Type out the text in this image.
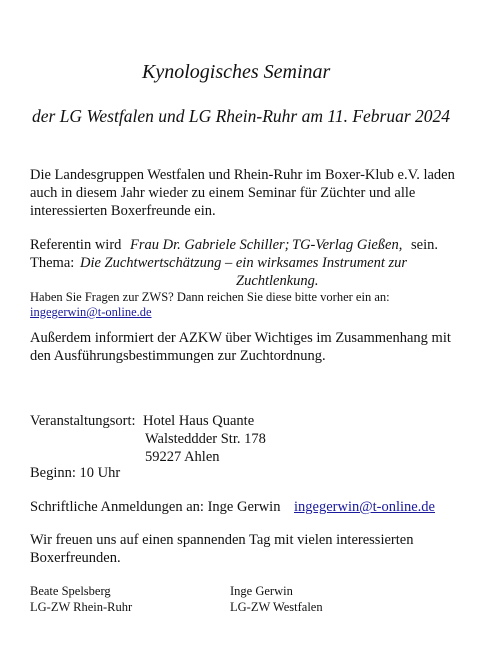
Kynologisches Seminar
der LG Westfalen und LG Rhein-Ruhr am 11. Februar 2024
Die Landesgruppen Westfalen und Rhein-Ruhr im Boxer-Klub e.V. laden
auch in diesem Jahr wieder zu einem Seminar für Züchter und alle
interessierten Boxerfreunde ein.
Referentin wird Frau Dr. Gabriele Schiller; TG-Verlag Gießen, sein.
Thema: Die Zuchtwertschätzung – ein wirksames Instrument zur
Zuchtlenkung.
Haben Sie Fragen zur ZWS? Dann reichen Sie diese bitte vorher ein an:
ingegerwin@t-online.de
Außerdem informiert der AZKW über Wichtiges im Zusammenhang mit
den Ausführungsbestimmungen zur Zuchtordnung.
Veranstaltungsort: Hotel Haus Quante
Walsteddder Str. 178
59227 Ahlen
Beginn: 10 Uhr
Schriftliche Anmeldungen an: Inge Gerwin ingegerwin@t-online.de
Wir freuen uns auf einen spannenden Tag mit vielen interessierten
Boxerfreunden.
Beate Spelsberg
LG-ZW Rhein-Ruhr
Inge Gerwin
LG-ZW Westfalen
